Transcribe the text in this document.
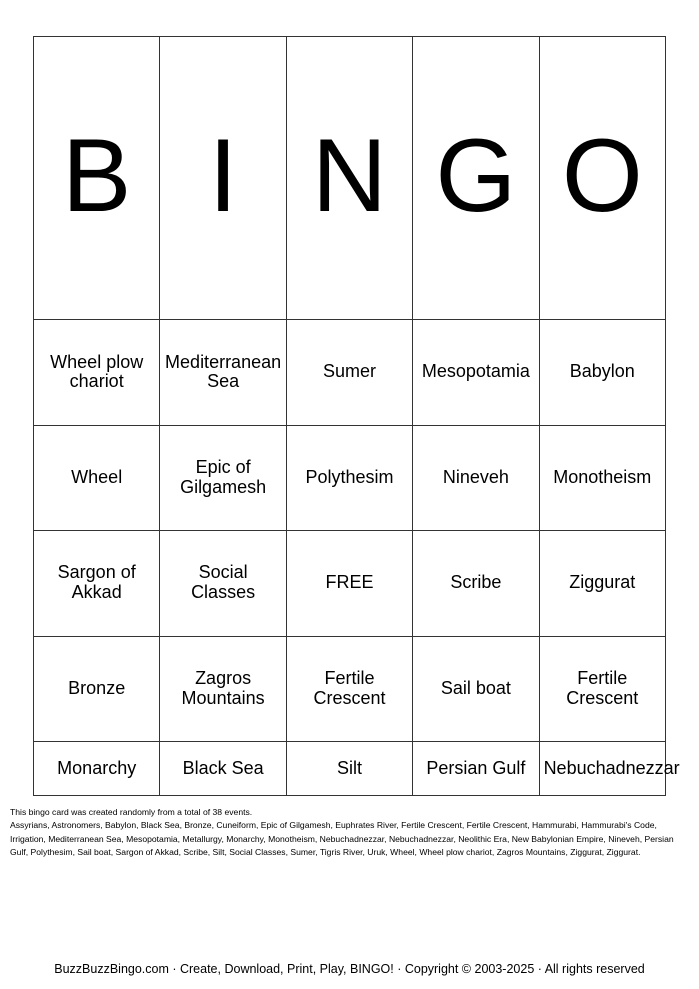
B	I	N	G	O
Wheel plow chariot	Mediterranean Sea	Sumer	Mesopotamia	Babylon
Wheel	Epic of Gilgamesh	Polythesim	Nineveh	Monotheism
Sargon of Akkad	Social Classes	FREE	Scribe	Ziggurat
Bronze	Zagros Mountains	Fertile Crescent	Sail boat	Fertile Crescent
Monarchy	Black Sea	Silt	Persian Gulf	Nebuchadnezzar
This bingo card was created randomly from a total of 38 events.
Assyrians, Astronomers, Babylon, Black Sea, Bronze, Cuneiform, Epic of Gilgamesh, Euphrates River, Fertile Crescent, Fertile Crescent, Hammurabi, Hammurabi's Code, Irrigation, Mediterranean Sea, Mesopotamia, Metallurgy, Monarchy, Monotheism, Nebuchadnezzar, Nebuchadnezzar, Neolithic Era, New Babylonian Empire, Nineveh, Persian Gulf, Polythesim, Sail boat, Sargon of Akkad, Scribe, Silt, Social Classes, Sumer, Tigris River, Uruk, Wheel, Wheel plow chariot, Zagros Mountains, Ziggurat, Ziggurat.
BuzzBuzzBingo.com · Create, Download, Print, Play, BINGO! · Copyright © 2003-2025 · All rights reserved
